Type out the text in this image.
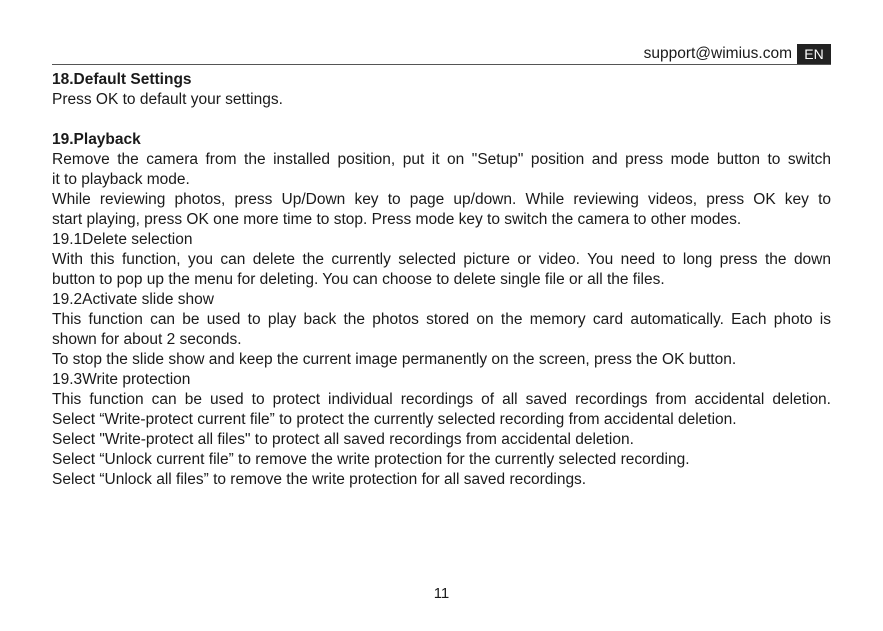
support@wimius.com EN

18.Default Settings

Press OK to default your settings.

19.Playback

Remove the camera from the installed position, put it on "Setup" position and press mode button to switch

it to playback mode.

While reviewing photos, press Up/Down key to page up/down. While reviewing videos, press OK key to

start playing, press OK one more time to stop. Press mode key to switch the camera to other modes.

19.1Delete selection

With this function, you can delete the currently selected picture or video. You need to long press the down

button to pop up the menu for deleting. You can choose to delete single file or all the files.

19.2Activate slide show

This function can be used to play back the photos stored on the memory card automatically. Each photo is

shown for about 2 seconds.

To stop the slide show and keep the current image permanently on the screen, press the OK button.

19.3Write protection

This function can be used to protect individual recordings of all saved recordings from accidental deletion.

Select “Write-protect current file” to protect the currently selected recording from accidental deletion.

Select "Write-protect all files" to protect all saved recordings from accidental deletion.

Select “Unlock current file” to remove the write protection for the currently selected recording.

Select “Unlock all files” to remove the write protection for all saved recordings.

11
